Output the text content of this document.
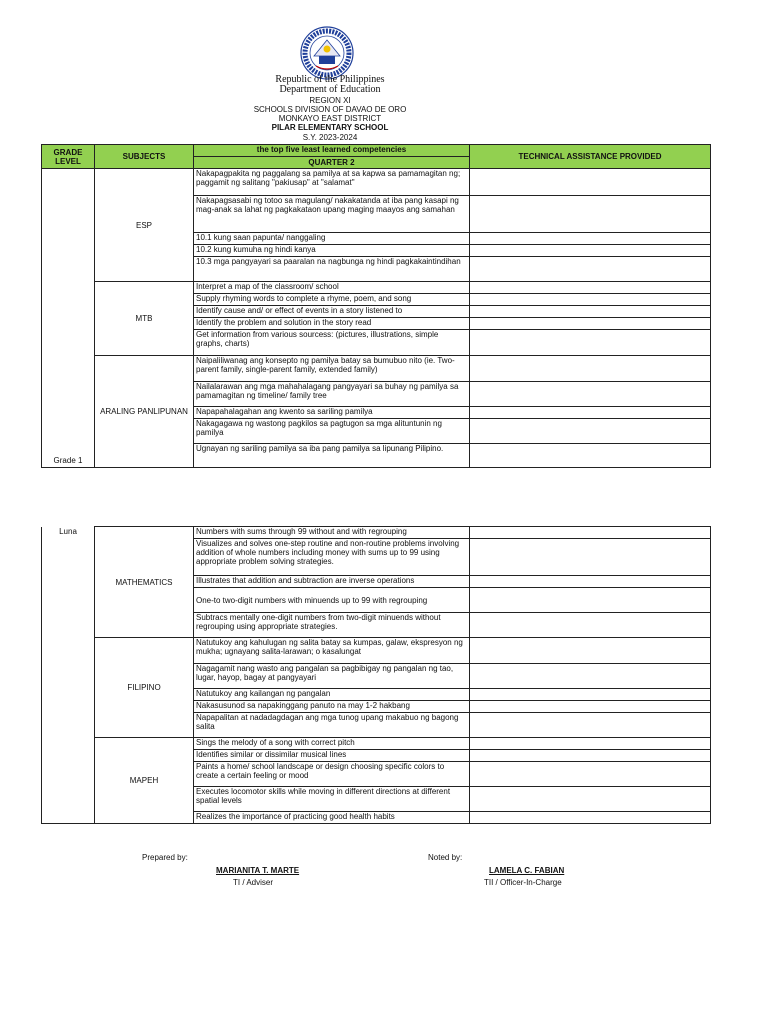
Republic of the Philippines
Department of Education
REGION XI
SCHOOLS DIVISION OF DAVAO DE ORO
MONKAYO EAST DISTRICT
PILAR ELEMENTARY SCHOOL
S.Y. 2023-2024
GRADE LEVEL	SUBJECTS	the top five least learned competencies	TECHNICAL ASSISTANCE PROVIDED
		QUARTER 2	
Grade 1	ESP	Nakapagpakita ng paggalang sa pamilya at sa kapwa sa pamamagitan ng; paggamit ng salitang "pakiusap" at "salamat"	
		Nakapagsasabi ng totoo sa magulang/ nakakatanda at iba pang kasapi ng mag-anak sa lahat ng pagkakataon upang maging maayos ang samahan	
		10.1 kung saan papunta/ nanggaling	
		10.2 kung kumuha ng hindi kanya	
		10.3 mga pangyayari sa paaralan na nagbunga ng hindi pagkakaintindihan	
	MTB	Interpret a map of the classroom/ school	
		Supply rhyming words to complete a rhyme, poem, and song	
		Identify cause and/ or effect of events in a story listened to	
		Identify the problem and solution in the story read	
		Get information from various sourcess: (pictures, illustrations, simple graphs, charts)	
	ARALING PANLIPUNAN	Naipaliliwanag ang konsepto ng pamilya batay sa bumubuo nito (ie. Two-parent family, single-parent family, extended family)	
		Nailalarawan ang mga mahahalagang pangyayari sa buhay ng pamilya sa pamamagitan ng timeline/ family tree	
		Napapahalagahan ang kwento sa sariling pamilya	
		Nakagagawa ng wastong pagkilos sa pagtugon sa mga alituntunin ng pamilya	
		Ugnayan ng sariling pamilya sa iba pang pamilya sa lipunang Pilipino.	
Luna	MATHEMATICS	Numbers with sums through 99 without and with regrouping	
		Visualizes and solves one-step routine and non-routine problems involving addition of whole numbers including money with sums up to 99 using appropriate problem solving strategies.	
		Illustrates that addition and subtraction are inverse operations	
		One-to two-digit numbers with minuends up to 99 with regrouping	
		Subtracs mentally one-digit numbers from two-digit minuends without regrouping using appropriate strategies.	
	FILIPINO	Natutukoy ang kahulugan ng salita batay sa kumpas, galaw, ekspresyon ng mukha; ugnayang salita-larawan; o kasalungat	
		Nagagamit nang wasto ang pangalan sa pagbibigay ng pangalan ng tao, lugar, hayop, bagay at pangyayari	
		Natutukoy ang kailangan ng pangalan	
		Nakasusunod sa napakinggang panuto na may 1-2 hakbang	
		Napapalitan at nadadagdagan ang mga tunog upang makabuo ng bagong salita	
	MAPEH	Sings the melody of a song with correct pitch	
		Identifies similar or dissimilar musical lines	
		Paints a home/ school landscape or design choosing specific colors to create a certain feeling or mood	
		Executes locomotor skills while moving in different directions at different spatial levels	
		Realizes the importance of practicing good health habits	
Prepared by:
MARIANITA T. MARTE
TI / Adviser
Noted by:
LAMELA C. FABIAN
TII / Officer-In-Charge
